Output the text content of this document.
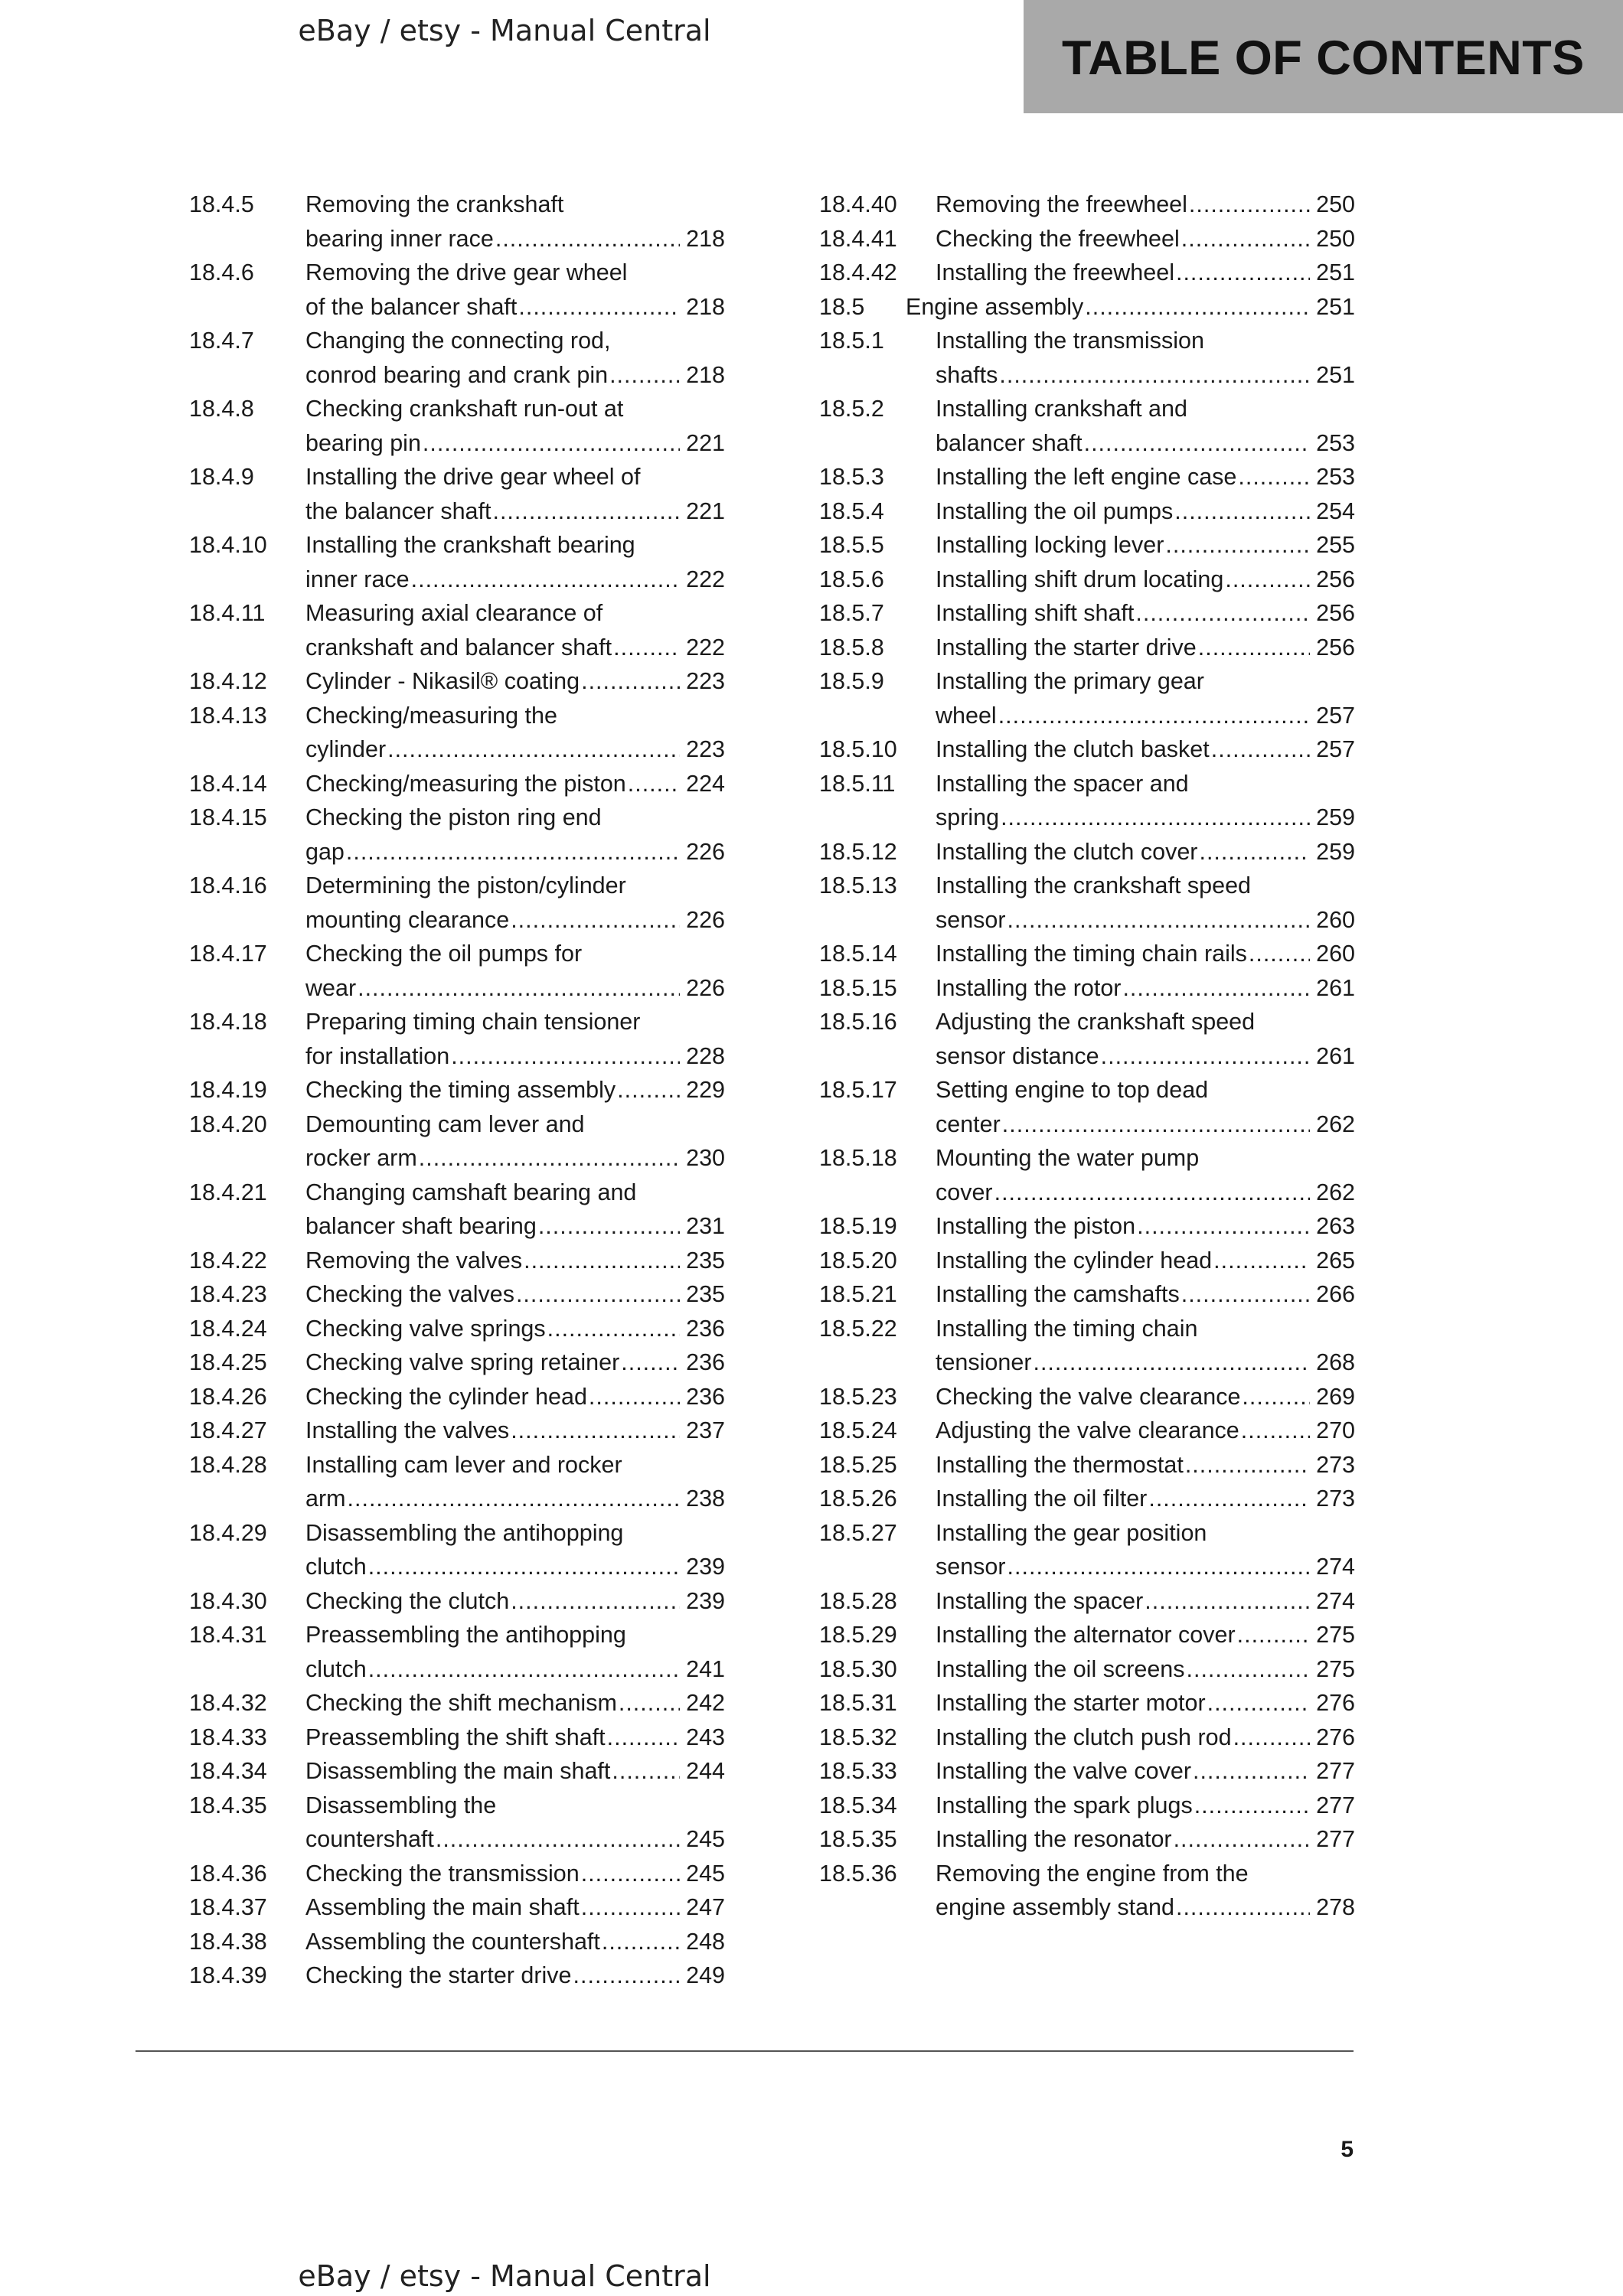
eBay / etsy - Manual Central
TABLE OF CONTENTS
18.4.5 Removing the crankshaft
bearing inner race .....	218
18.4.6 Removing the drive gear wheel
of the balancer shaft .....	218
18.4.7 Changing the connecting rod,
conrod bearing and crank pin .....	218
18.4.8 Checking crankshaft run-out at
bearing pin .....	221
18.4.9 Installing the drive gear wheel of
the balancer shaft .....	221
18.4.10 Installing the crankshaft bearing
inner race .....	222
18.4.11 Measuring axial clearance of
crankshaft and balancer shaft .....	222
18.4.12 Cylinder - Nikasil® coating .....	223
18.4.13 Checking/measuring the
cylinder .....	223
18.4.14 Checking/measuring the piston .....	224
18.4.15 Checking the piston ring end
gap .....	226
18.4.16 Determining the piston/cylinder
mounting clearance .....	226
18.4.17 Checking the oil pumps for
wear .....	226
18.4.18 Preparing timing chain tensioner
for installation .....	228
18.4.19 Checking the timing assembly .....	229
18.4.20 Demounting cam lever and
rocker arm .....	230
18.4.21 Changing camshaft bearing and
balancer shaft bearing .....	231
18.4.22 Removing the valves .....	235
18.4.23 Checking the valves .....	235
18.4.24 Checking valve springs .....	236
18.4.25 Checking valve spring retainer .....	236
18.4.26 Checking the cylinder head .....	236
18.4.27 Installing the valves .....	237
18.4.28 Installing cam lever and rocker
arm .....	238
18.4.29 Disassembling the antihopping
clutch .....	239
18.4.30 Checking the clutch .....	239
18.4.31 Preassembling the antihopping
clutch .....	241
18.4.32 Checking the shift mechanism .....	242
18.4.33 Preassembling the shift shaft .....	243
18.4.34 Disassembling the main shaft .....	244
18.4.35 Disassembling the
countershaft .....	245
18.4.36 Checking the transmission .....	245
18.4.37 Assembling the main shaft .....	247
18.4.38 Assembling the countershaft .....	248
18.4.39 Checking the starter drive .....	249
18.4.40 Removing the freewheel .....	250
18.4.41 Checking the freewheel .....	250
18.4.42 Installing the freewheel .....	251
18.5 Engine assembly .....	251
18.5.1 Installing the transmission
shafts .....	251
18.5.2 Installing crankshaft and
balancer shaft .....	253
18.5.3 Installing the left engine case .....	253
18.5.4 Installing the oil pumps .....	254
18.5.5 Installing locking lever .....	255
18.5.6 Installing shift drum locating .....	256
18.5.7 Installing shift shaft .....	256
18.5.8 Installing the starter drive .....	256
18.5.9 Installing the primary gear
wheel .....	257
18.5.10 Installing the clutch basket .....	257
18.5.11 Installing the spacer and
spring .....	259
18.5.12 Installing the clutch cover .....	259
18.5.13 Installing the crankshaft speed
sensor .....	260
18.5.14 Installing the timing chain rails .....	260
18.5.15 Installing the rotor .....	261
18.5.16 Adjusting the crankshaft speed
sensor distance .....	261
18.5.17 Setting engine to top dead
center .....	262
18.5.18 Mounting the water pump
cover .....	262
18.5.19 Installing the piston .....	263
18.5.20 Installing the cylinder head .....	265
18.5.21 Installing the camshafts .....	266
18.5.22 Installing the timing chain
tensioner .....	268
18.5.23 Checking the valve clearance .....	269
18.5.24 Adjusting the valve clearance .....	270
18.5.25 Installing the thermostat .....	273
18.5.26 Installing the oil filter .....	273
18.5.27 Installing the gear position
sensor .....	274
18.5.28 Installing the spacer .....	274
18.5.29 Installing the alternator cover .....	275
18.5.30 Installing the oil screens .....	275
18.5.31 Installing the starter motor .....	276
18.5.32 Installing the clutch push rod .....	276
18.5.33 Installing the valve cover .....	277
18.5.34 Installing the spark plugs .....	277
18.5.35 Installing the resonator .....	277
18.5.36 Removing the engine from the
engine assembly stand .....	278
5
eBay / etsy - Manual Central
